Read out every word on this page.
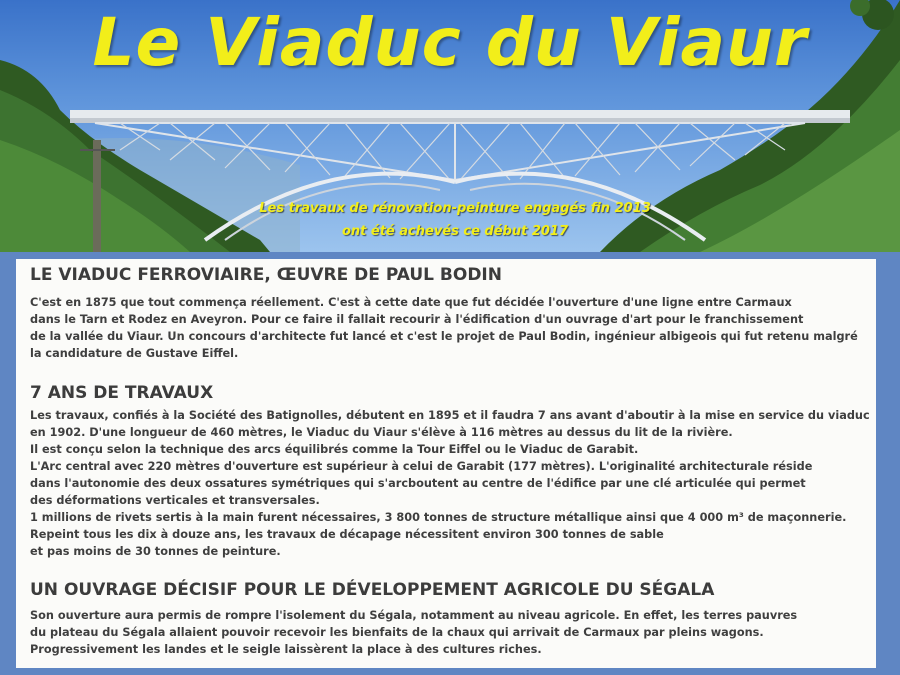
Le Viaduc du Viaur
Les travaux de rénovation-peinture engagés fin 2013
ont été achevés ce début 2017
LE VIADUC FERROVIAIRE, ŒUVRE DE PAUL BODIN

C'est en 1875 que tout commença réellement. C'est à cette date que fut décidée l'ouverture d'une ligne entre Carmaux
dans le Tarn et Rodez en Aveyron. Pour ce faire il fallait recourir à l'édification d'un ouvrage d'art pour le franchissement
de la vallée du Viaur. Un concours d'architecte fut lancé et c'est le projet de Paul Bodin, ingénieur albigeois qui fut retenu malgré
la candidature de Gustave Eiffel.

7 ANS DE TRAVAUX

Les travaux, confiés à la Société des Batignolles, débutent en 1895 et il faudra 7 ans avant d'aboutir à la mise en service du viaduc
en 1902. D'une longueur de 460 mètres, le Viaduc du Viaur s'élève à 116 mètres au dessus du lit de la rivière.
Il est conçu selon la technique des arcs équilibrés comme la Tour Eiffel ou le Viaduc de Garabit.
L'Arc central avec 220 mètres d'ouverture est supérieur à celui de Garabit (177 mètres). L'originalité architecturale réside
dans l'autonomie des deux ossatures symétriques qui s'arcboutent au centre de l'édifice par une clé articulée qui permet
des déformations verticales et transversales.
1 millions de rivets sertis à la main furent nécessaires, 3 800 tonnes de structure métallique ainsi que 4 000 m³ de maçonnerie.
Repeint tous les dix à douze ans, les travaux de décapage nécessitent environ 300 tonnes de sable
et pas moins de 30 tonnes de peinture.

UN OUVRAGE DÉCISIF POUR LE DÉVELOPPEMENT AGRICOLE DU SÉGALA

Son ouverture aura permis de rompre l'isolement du Ségala, notamment au niveau agricole. En effet, les terres pauvres
du plateau du Ségala allaient pouvoir recevoir les bienfaits de la chaux qui arrivait de Carmaux par pleins wagons.
Progressivement les landes et le seigle laissèrent la place à des cultures riches.
